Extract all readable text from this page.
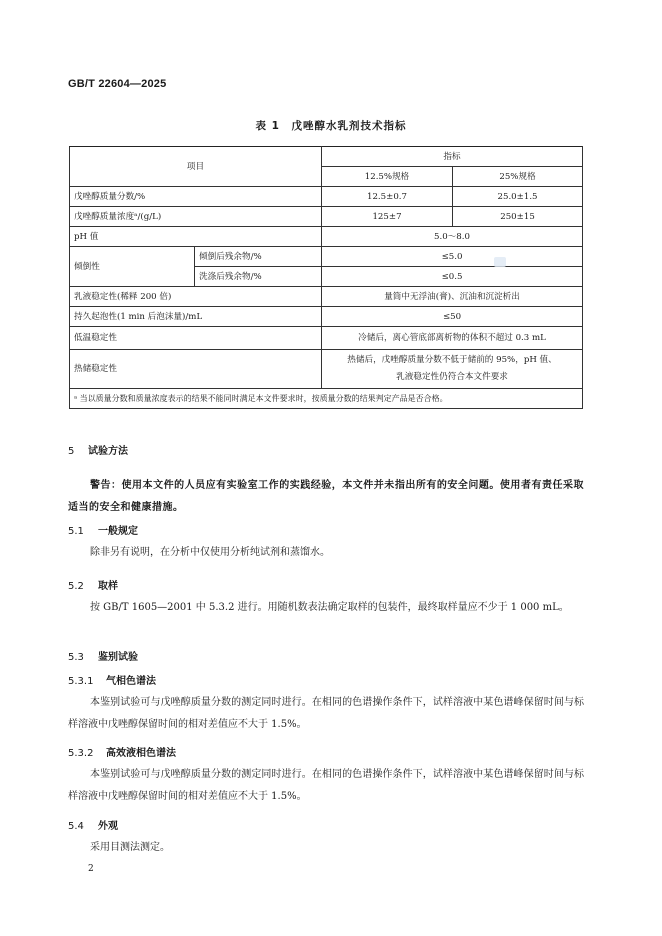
GB/T 22604—2025
表 1　戊唑醇水乳剂技术指标
项目		指标	
		12.5%规格	25%规格
戊唑醇质量分数/%		12.5±0.7	25.0±1.5
戊唑醇质量浓度ᵃ/(g/L)		125±7	250±15
pH 值		5.0～8.0	
倾倒性	倾倒后残余物/%	≤5.0	
	洗涤后残余物/%	≤0.5	
乳液稳定性(稀释 200 倍)		量筒中无浮油(膏)、沉油和沉淀析出	
持久起泡性(1 min 后泡沫量)/mL		≤50	
低温稳定性		冷储后，离心管底部离析物的体积不超过 0.3 mL	
热储稳定性		热储后，戊唑醇质量分数不低于储前的 95%，pH 值、
乳液稳定性仍符合本文件要求	

ᵃ 当以质量分数和质量浓度表示的结果不能同时满足本文件要求时，按质量分数的结果判定产品是否合格。			
5 试验方法
警告：使用本文件的人员应有实验室工作的实践经验，本文件并未指出所有的安全问题。使用者有责任采取适当的安全和健康措施。
5.1 一般规定
除非另有说明，在分析中仅使用分析纯试剂和蒸馏水。
5.2 取样
按 GB/T 1605—2001 中 5.3.2 进行。用随机数表法确定取样的包装件，最终取样量应不少于 1 000 mL。
5.3 鉴别试验
5.3.1 气相色谱法
本鉴别试验可与戊唑醇质量分数的测定同时进行。在相同的色谱操作条件下，试样溶液中某色谱峰保留时间与标样溶液中戊唑醇保留时间的相对差值应不大于 1.5%。
5.3.2 高效液相色谱法
本鉴别试验可与戊唑醇质量分数的测定同时进行。在相同的色谱操作条件下，试样溶液中某色谱峰保留时间与标样溶液中戊唑醇保留时间的相对差值应不大于 1.5%。
5.4 外观
采用目测法测定。
2
